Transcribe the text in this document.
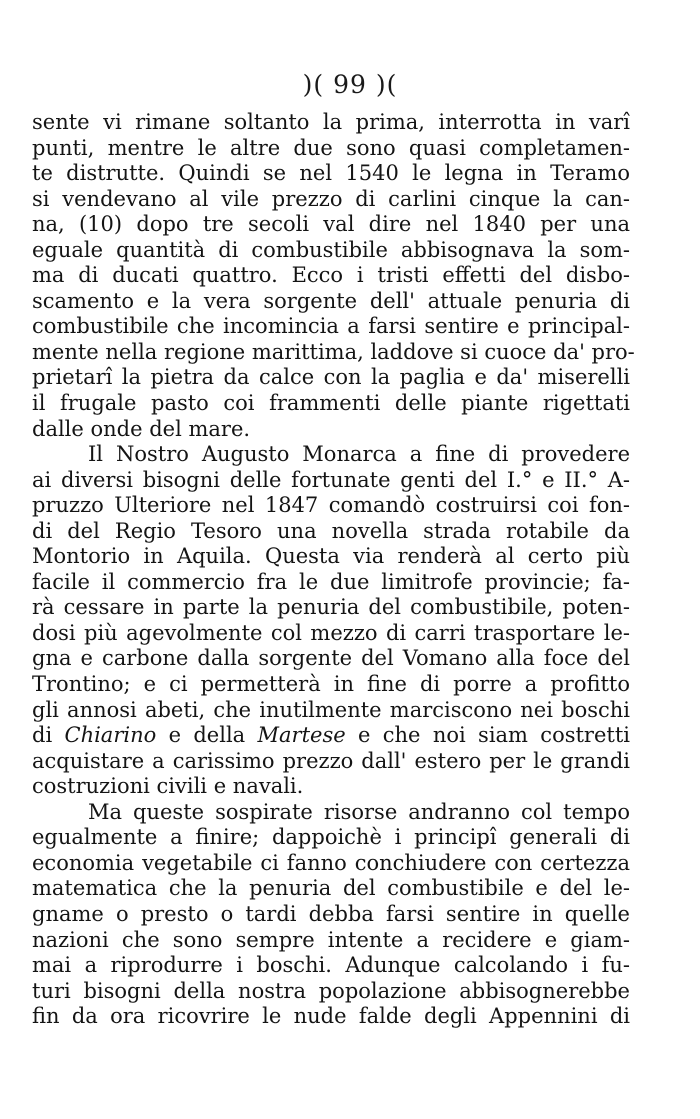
)( 99 )(
sente vi rimane soltanto la prima, interrotta in varî
punti, mentre le altre due sono quasi completamen-
te distrutte. Quindi se nel 1540 le legna in Teramo
si vendevano al vile prezzo di carlini cinque la can-
na, (10) dopo tre secoli val dire nel 1840 per una
eguale quantità di combustibile abbisognava la som-
ma di ducati quattro. Ecco i tristi effetti del disbo-
scamento e la vera sorgente dell' attuale penuria di
combustibile che incomincia a farsi sentire e principal-
mente nella regione marittima, laddove si cuoce da' pro-
prietarî la pietra da calce con la paglia e da' miserelli
il frugale pasto coi frammenti delle piante rigettati
dalle onde del mare.
Il Nostro Augusto Monarca a fine di provedere
ai diversi bisogni delle fortunate genti del I.° e II.° A-
pruzzo Ulteriore nel 1847 comandò costruirsi coi fon-
di del Regio Tesoro una novella strada rotabile da
Montorio in Aquila. Questa via renderà al certo più
facile il commercio fra le due limitrofe provincie; fa-
rà cessare in parte la penuria del combustibile, poten-
dosi più agevolmente col mezzo di carri trasportare le-
gna e carbone dalla sorgente del Vomano alla foce del
Trontino; e ci permetterà in fine di porre a profitto
gli annosi abeti, che inutilmente marciscono nei boschi
di Chiarino e della Martese e che noi siam costretti
acquistare a carissimo prezzo dall' estero per le grandi
costruzioni civili e navali.
Ma queste sospirate risorse andranno col tempo
egualmente a finire; dappoichè i principî generali di
economia vegetabile ci fanno conchiudere con certezza
matematica che la penuria del combustibile e del le-
gname o presto o tardi debba farsi sentire in quelle
nazioni che sono sempre intente a recidere e giam-
mai a riprodurre i boschi. Adunque calcolando i fu-
turi bisogni della nostra popolazione abbisognerebbe
fin da ora ricovrire le nude falde degli Appennini di
